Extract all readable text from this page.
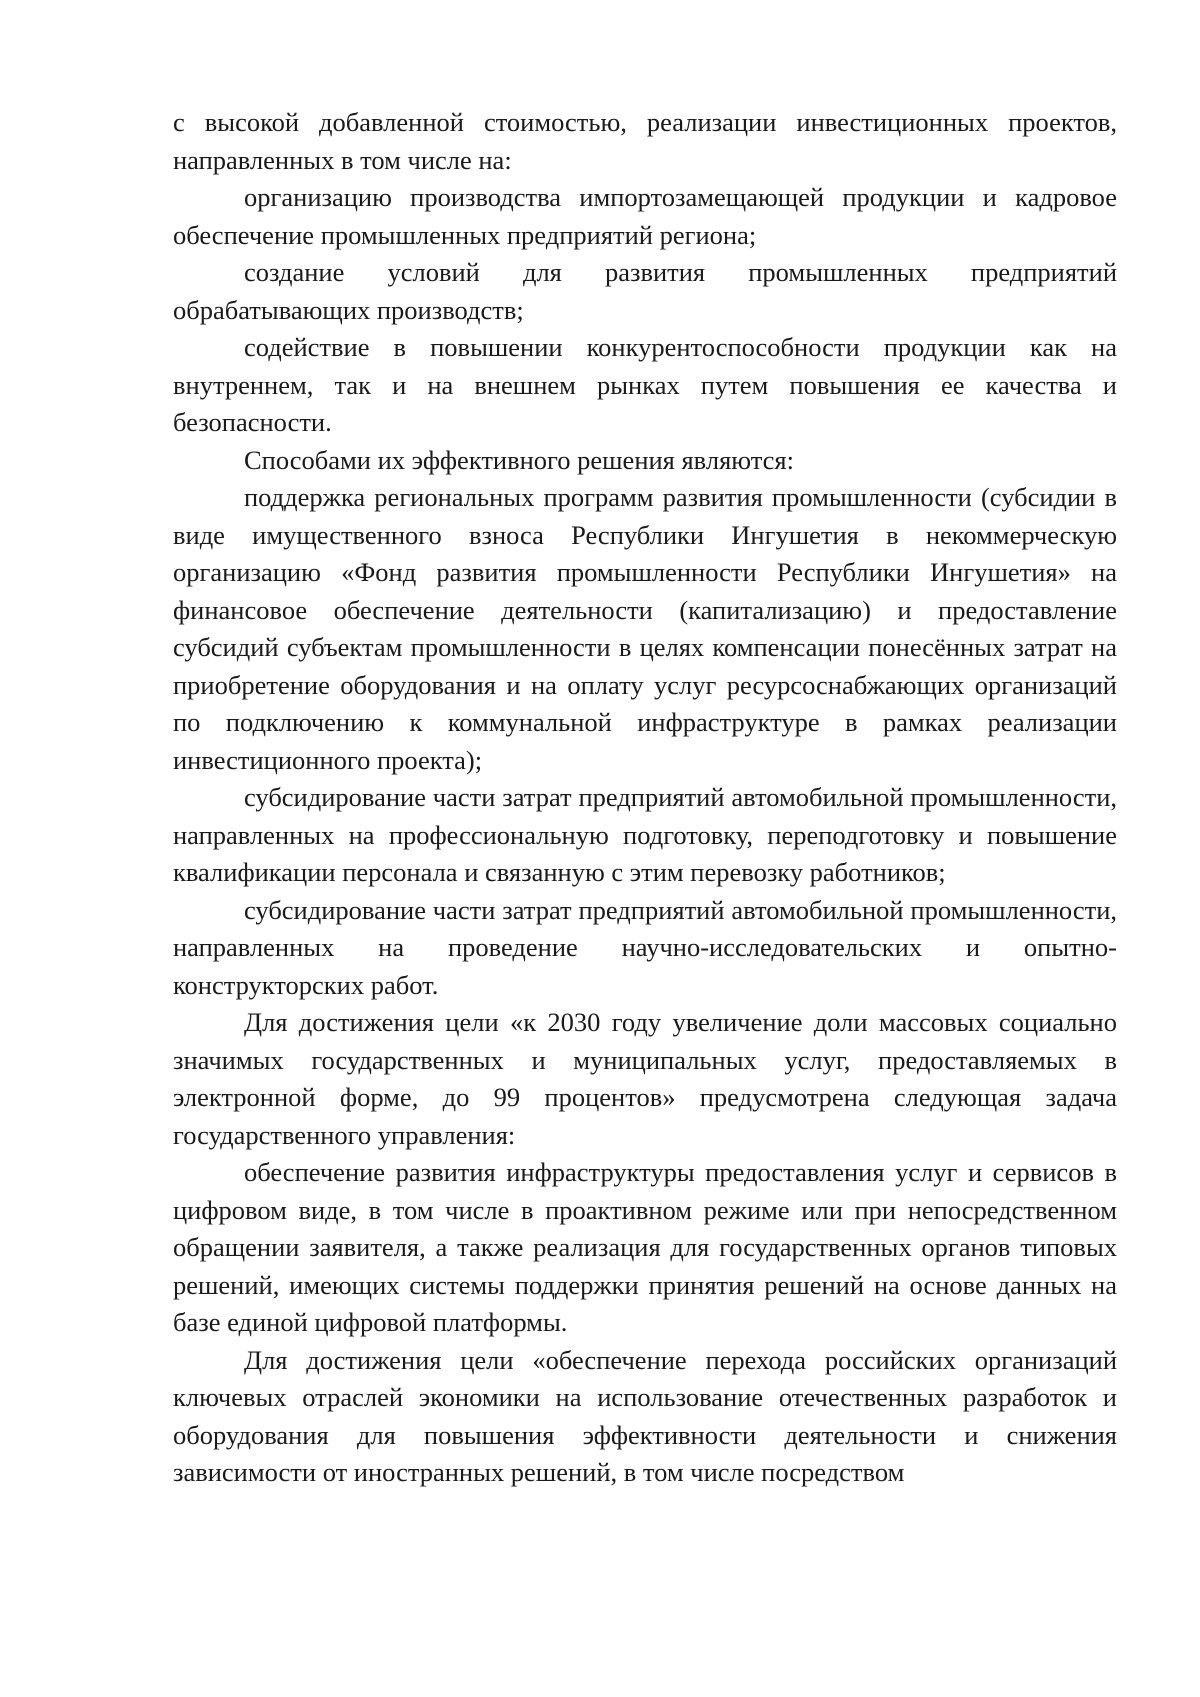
с высокой добавленной стоимостью, реализации инвестиционных проектов, направленных в том числе на:

организацию производства импортозамещающей продукции и кадровое обеспечение промышленных предприятий региона;

создание условий для развития промышленных предприятий обрабатывающих производств;

содействие в повышении конкурентоспособности продукции как на внутреннем, так и на внешнем рынках путем повышения ее качества и безопасности.

Способами их эффективного решения являются:

поддержка региональных программ развития промышленности (субсидии в виде имущественного взноса Республики Ингушетия в некоммерческую организацию «Фонд развития промышленности Республики Ингушетия» на финансовое обеспечение деятельности (капитализацию) и предоставление субсидий субъектам промышленности в целях компенсации понесённых затрат на приобретение оборудования и на оплату услуг ресурсоснабжающих организаций по подключению к коммунальной инфраструктуре в рамках реализации инвестиционного проекта);

субсидирование части затрат предприятий автомобильной промышленности, направленных на профессиональную подготовку, переподготовку и повышение квалификации персонала и связанную с этим перевозку работников;

субсидирование части затрат предприятий автомобильной промышленности, направленных на проведение научно-исследовательских и опытно-конструкторских работ.

Для достижения цели «к 2030 году увеличение доли массовых социально значимых государственных и муниципальных услуг, предоставляемых в электронной форме, до 99 процентов» предусмотрена следующая задача государственного управления:

обеспечение развития инфраструктуры предоставления услуг и сервисов в цифровом виде, в том числе в проактивном режиме или при непосредственном обращении заявителя, а также реализация для государственных органов типовых решений, имеющих системы поддержки принятия решений на основе данных на базе единой цифровой платформы.

Для достижения цели «обеспечение перехода российских организаций ключевых отраслей экономики на использование отечественных разработок и оборудования для повышения эффективности деятельности и снижения зависимости от иностранных решений, в том числе посредством
